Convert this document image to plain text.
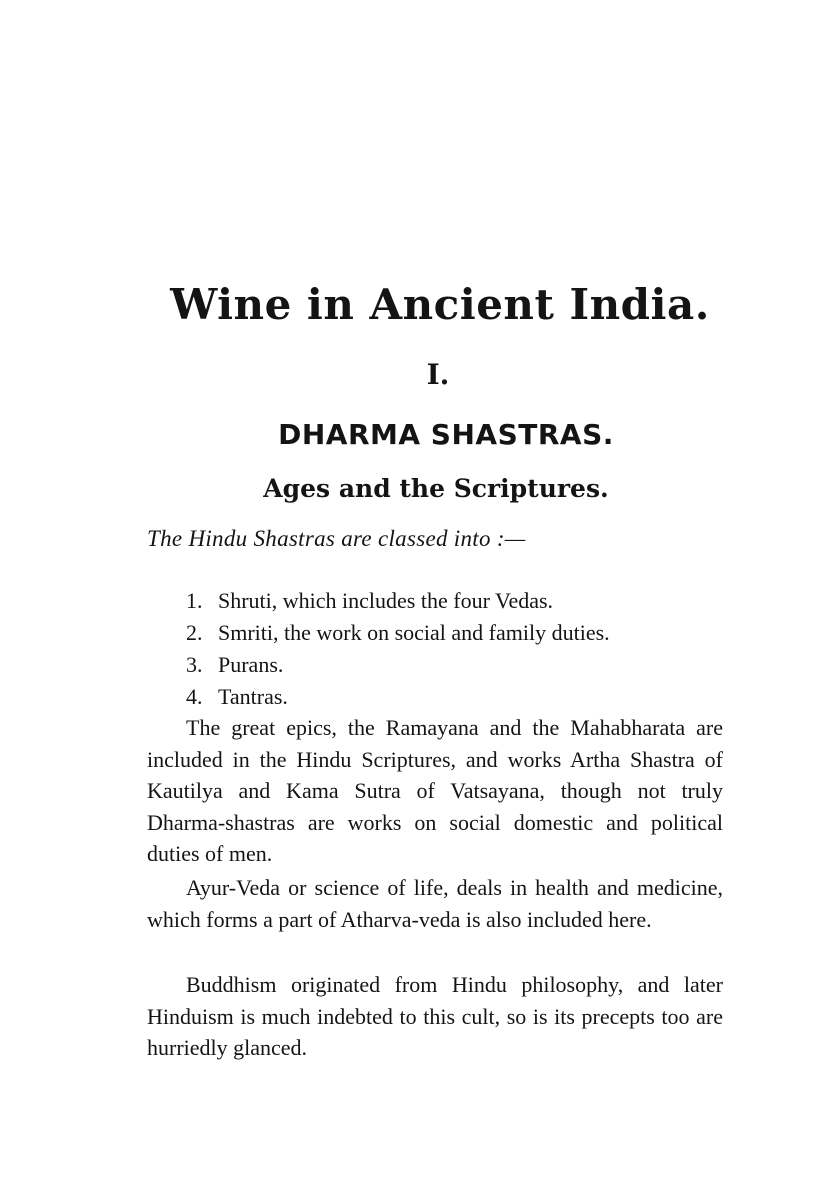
Wine in Ancient India.
I.
DHARMA SHASTRAS.
Ages and the Scriptures.

The Hindu Shastras are classed into :—

1. Shruti, which includes the four Vedas.
2. Smriti, the work on social and family duties.
3. Purans.
4. Tantras.

The great epics, the Ramayana and the Mahabharata are included in the Hindu Scriptures, and works Artha Shastra of Kautilya and Kama Sutra of Vatsayana, though not truly Dharma-shastras are works on social domestic and political duties of men.

Ayur-Veda or science of life, deals in health and medicine, which forms a part of Atharva-veda is also included here.

Buddhism originated from Hindu philosophy, and later Hinduism is much indebted to this cult, so is its precepts too are hurriedly glanced.
